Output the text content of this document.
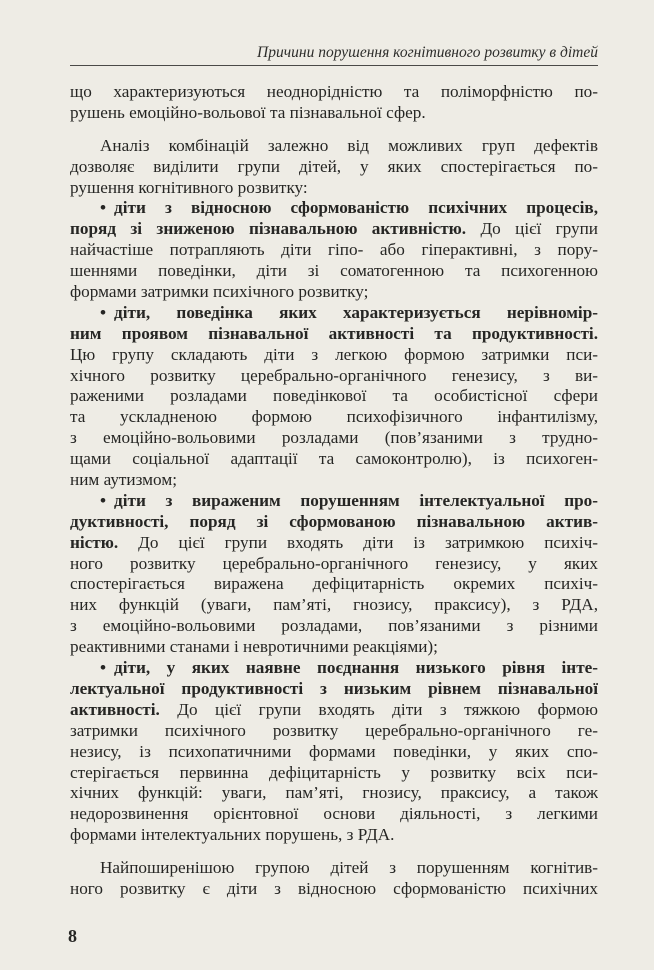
Причини порушення когнітивного розвитку в дітей
що характеризуються неоднорідністю та поліморфністю по-
рушень емоційно-вольової та пізнавальної сфер.
Аналіз комбінацій залежно від можливих груп дефектів
дозволяє виділити групи дітей, у яких спостерігається по-
рушення когнітивного розвитку:
• діти з відносною сформованістю психічних процесів,
поряд зі зниженою пізнавальною активністю. До цієї групи
найчастіше потрапляють діти гіпо- або гіперактивні, з пору-
шеннями поведінки, діти зі соматогенною та психогенною
формами затримки психічного розвитку;
• діти, поведінка яких характеризується нерівномір-
ним проявом пізнавальної активності та продуктивності.
Цю групу складають діти з легкою формою затримки пси-
хічного розвитку церебрально-органічного генезису, з ви-
раженими розладами поведінкової та особистісної сфери
та ускладненою формою психофізичного інфантилізму,
з емоційно-вольовими розладами (пов’язаними з трудно-
щами соціальної адаптації та самоконтролю), із психоген-
ним аутизмом;
• діти з вираженим порушенням інтелектуальної про-
дуктивності, поряд зі сформованою пізнавальною актив-
ністю. До цієї групи входять діти із затримкою психіч-
ного розвитку церебрально-органічного генезису, у яких
спостерігається виражена дефіцитарність окремих психіч-
них функцій (уваги, пам’яті, гнозису, праксису), з РДА,
з емоційно-вольовими розладами, пов’язаними з різними
реактивними станами і невротичними реакціями);
• діти, у яких наявне поєднання низького рівня інте-
лектуальної продуктивності з низьким рівнем пізнавальної
активності. До цієї групи входять діти з тяжкою формою
затримки психічного розвитку церебрально-органічного ге-
незису, із психопатичними формами поведінки, у яких спо-
стерігається первинна дефіцитарність у розвитку всіх пси-
хічних функцій: уваги, пам’яті, гнозису, праксису, а також
недорозвинення орієнтовної основи діяльності, з легкими
формами інтелектуальних порушень, з РДА.
Найпоширенішою групою дітей з порушенням когнітив-
ного розвитку є діти з відносною сформованістю психічних
8
